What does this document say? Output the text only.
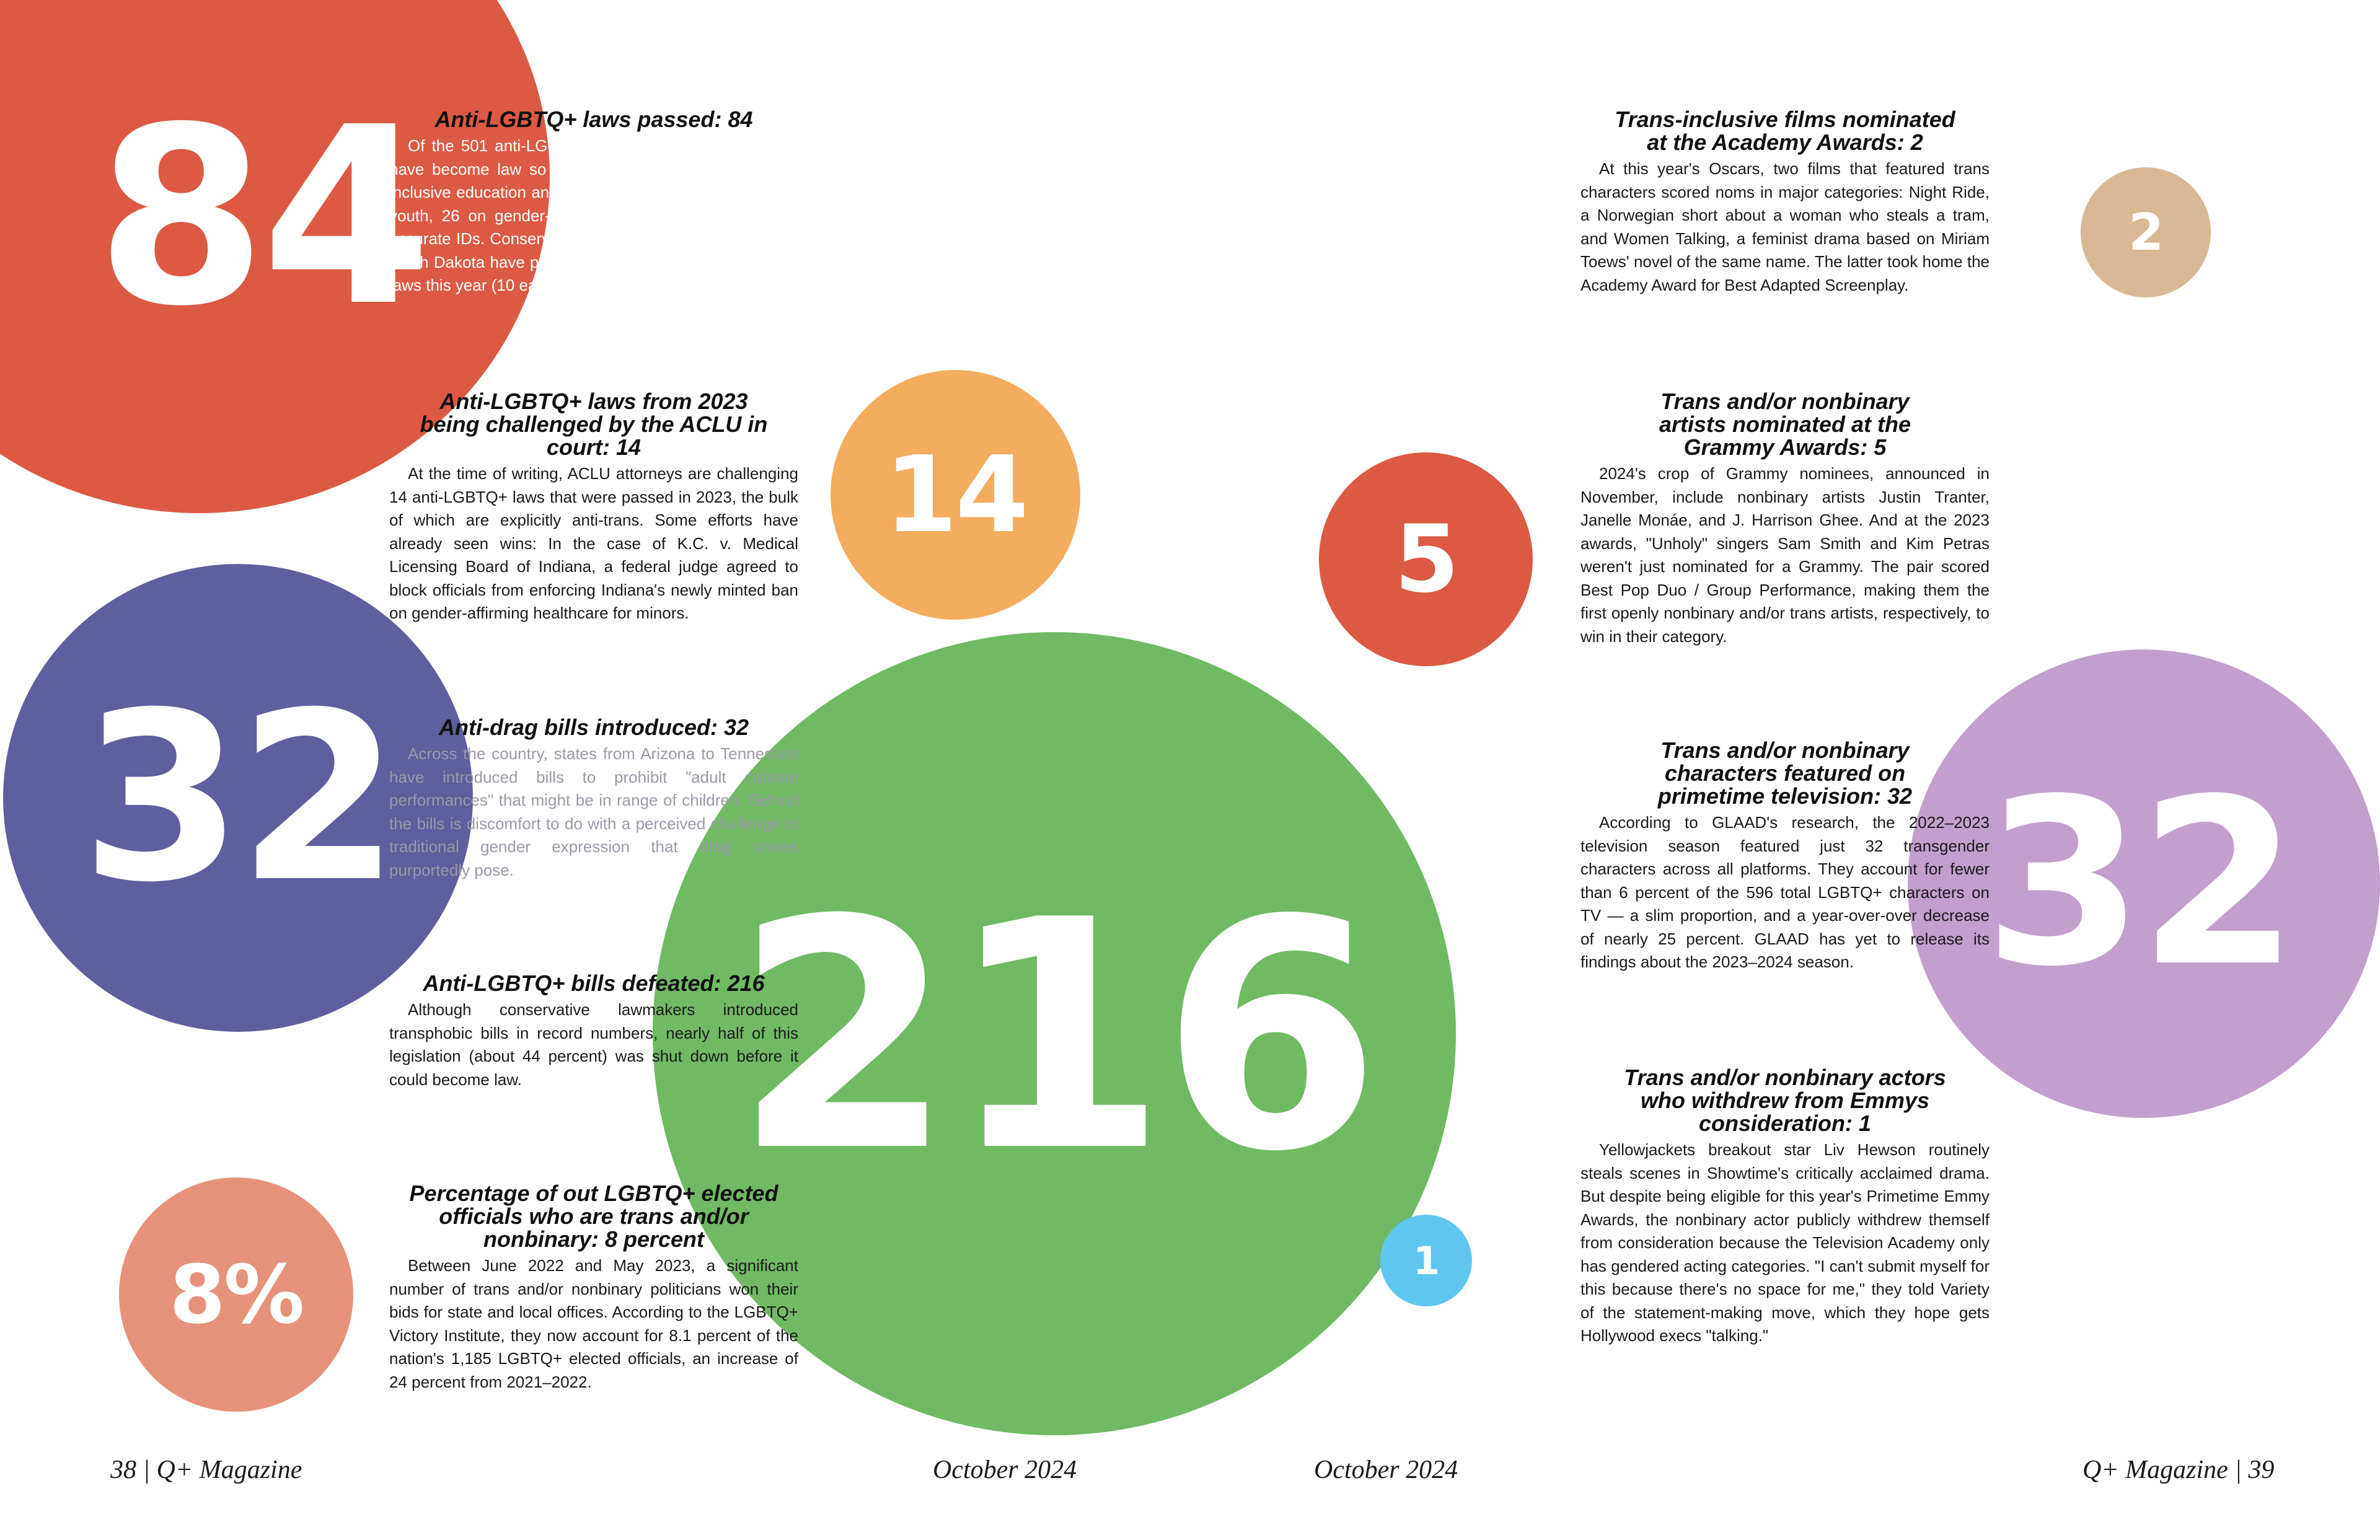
84
32
216
14
5
2
32
8%	1
Anti-LGBTQ+ laws passed: 84

Of the 501 anti-LGBTQ+ bills introduced in 2023, 84 have become law so far. These include 34 attacks on inclusive education and access to school sports for trans youth, 26 on gender-affirming healthcare, and four on accurate IDs. Conservative lawmakers in Tennessee and North Dakota have passed the highest number of hateful laws this year (10 each).

Anti-LGBTQ+ laws from 2023 being challenged by the ACLU in court: 14

At the time of writing, ACLU attorneys are challenging 14 anti-LGBTQ+ laws that were passed in 2023, the bulk of which are explicitly anti-trans. Some efforts have already seen wins: In the case of K.C. v. Medical Licensing Board of Indiana, a federal judge agreed to block officials from enforcing Indiana's newly minted ban on gender-affirming healthcare for minors.

Anti-drag bills introduced: 32

Across the country, states from Arizona to Tennessee have introduced bills to prohibit "adult cabaret performances" that might be in range of children. Behind the bills is discomfort to do with a perceived challenge to traditional gender expression that drag shows purportedly pose.

Anti-LGBTQ+ bills defeated: 216

Although conservative lawmakers introduced transphobic bills in record numbers, nearly half of this legislation (about 44 percent) was shut down before it could become law.

Percentage of out LGBTQ+ elected officials who are trans and/or nonbinary: 8 percent

Between June 2022 and May 2023, a significant number of trans and/or nonbinary politicians won their bids for state and local offices. According to the LGBTQ+ Victory Institute, they now account for 8.1 percent of the nation's 1,185 LGBTQ+ elected officials, an increase of 24 percent from 2021–2022.

Trans-inclusive films nominated at the Academy Awards: 2

At this year's Oscars, two films that featured trans characters scored noms in major categories: Night Ride, a Norwegian short about a woman who steals a tram, and Women Talking, a feminist drama based on Miriam Toews' novel of the same name. The latter took home the Academy Award for Best Adapted Screenplay.

Trans and/or nonbinary artists nominated at the Grammy Awards: 5

2024's crop of Grammy nominees, announced in November, include nonbinary artists Justin Tranter, Janelle Monáe, and J. Harrison Ghee. And at the 2023 awards, "Unholy" singers Sam Smith and Kim Petras weren't just nominated for a Grammy. The pair scored Best Pop Duo / Group Performance, making them the first openly nonbinary and/or trans artists, respectively, to win in their category.

Trans and/or nonbinary characters featured on primetime television: 32

According to GLAAD's research, the 2022–2023 television season featured just 32 transgender characters across all platforms. They account for fewer than 6 percent of the 596 total LGBTQ+ characters on TV — a slim proportion, and a year-over-over decrease of nearly 25 percent. GLAAD has yet to release its findings about the 2023–2024 season.

Trans and/or nonbinary actors who withdrew from Emmys consideration: 1

Yellowjackets breakout star Liv Hewson routinely steals scenes in Showtime's critically acclaimed drama. But despite being eligible for this year's Primetime Emmy Awards, the nonbinary actor publicly withdrew themself from consideration because the Television Academy only has gendered acting categories. "I can't submit myself for this because there's no space for me," they told Variety of the statement-making move, which they hope gets Hollywood execs "talking."

38 | Q+ Magazine	October 2024	October 2024	Q+ Magazine | 39
